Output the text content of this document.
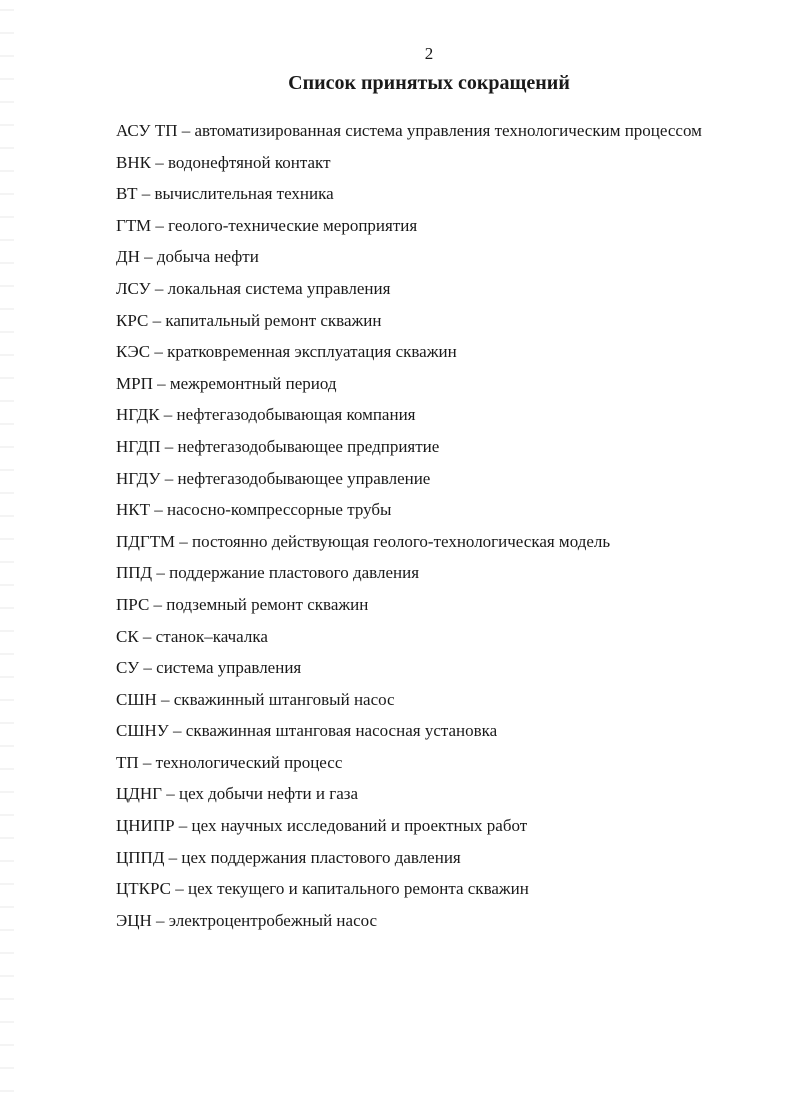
2
Список принятых сокращений
АСУ ТП – автоматизированная система управления технологическим процессом
ВНК – водонефтяной контакт
ВТ – вычислительная техника
ГТМ – геолого-технические мероприятия
ДН – добыча нефти
ЛСУ – локальная система управления
КРС – капитальный ремонт скважин
КЭС – кратковременная эксплуатация скважин
МРП – межремонтный период
НГДК – нефтегазодобывающая компания
НГДП – нефтегазодобывающее предприятие
НГДУ – нефтегазодобывающее управление
НКТ – насосно-компрессорные трубы
ПДГТМ – постоянно действующая геолого-технологическая модель
ППД – поддержание пластового давления
ПРС – подземный ремонт скважин
СК – станок–качалка
СУ – система управления
СШН – скважинный штанговый насос
СШНУ – скважинная штанговая насосная установка
ТП – технологический процесс
ЦДНГ – цех добычи нефти и газа
ЦНИПР – цех научных исследований и проектных работ
ЦППД – цех поддержания пластового давления
ЦТКРС – цех текущего и капитального ремонта скважин
ЭЦН – электроцентробежный насос
